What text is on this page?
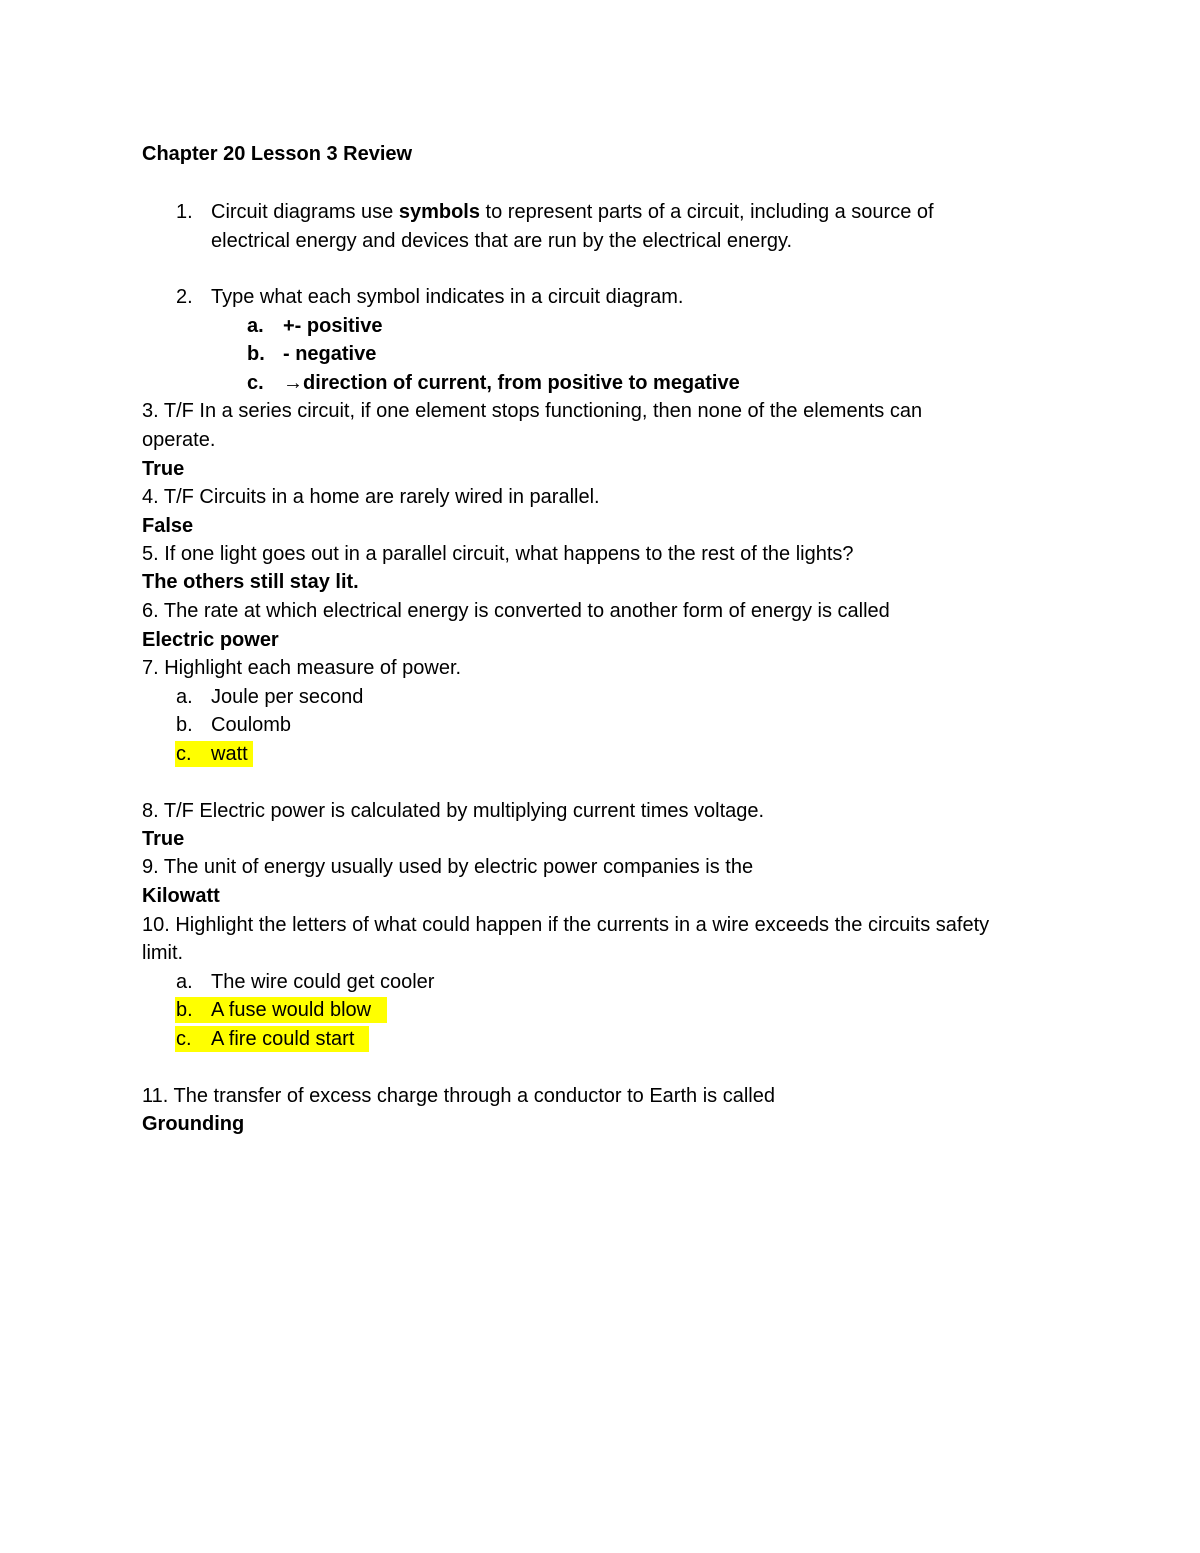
Chapter 20 Lesson 3 Review
1. Circuit diagrams use symbols to represent parts of a circuit, including a source of
electrical energy and devices that are run by the electrical energy.
2. Type what each symbol indicates in a circuit diagram.
a. +- positive
b. - negative
c. →direction of current, from positive to megative
3. T/F In a series circuit, if one element stops functioning, then none of the elements can
operate.
True
4. T/F Circuits in a home are rarely wired in parallel.
False
5. If one light goes out in a parallel circuit, what happens to the rest of the lights?
The others still stay lit.
6. The rate at which electrical energy is converted to another form of energy is called
Electric power
7. Highlight each measure of power.
a. Joule per second
b. Coulomb
c. watt
8. T/F Electric power is calculated by multiplying current times voltage.
True
9. The unit of energy usually used by electric power companies is the
Kilowatt
10. Highlight the letters of what could happen if the currents in a wire exceeds the circuits safety
limit.
a. The wire could get cooler
b. A fuse would blow
c. A fire could start
11. The transfer of excess charge through a conductor to Earth is called
Grounding
